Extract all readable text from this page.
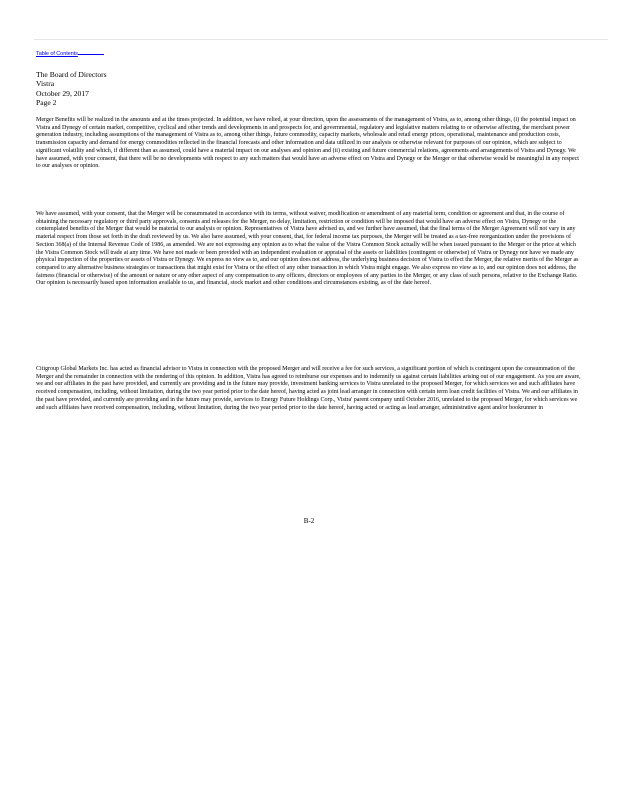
Table of Contents
The Board of Directors
Vistra
October 29, 2017
Page 2

Merger Benefits will be realized in the amounts and at the times projected. In addition, we have relied, at your direction, upon the assessments of the management of Vistra, as to, among other things, (i) the potential impact on Vistra and Dynegy of certain market, competitive, cyclical and other trends and developments in and prospects for, and governmental, regulatory and legislative matters relating to or otherwise affecting, the merchant power generation industry, including assumptions of the management of Vistra as to, among other things, future commodity, capacity markets, wholesale and retail energy prices, operational, maintenance and production costs, transmission capacity and demand for energy commodities reflected in the financial forecasts and other information and data utilized in our analysis or otherwise relevant for purposes of our opinion, which are subject to significant volatility and which, if different than as assumed, could have a material impact on our analyses and opinion and (ii) existing and future commercial relations, agreements and arrangements of Vistra and Dynegy. We have assumed, with your consent, that there will be no developments with respect to any such matters that would have an adverse effect on Vistra and Dynegy or the Merger or that otherwise would be meaningful in any respect to our analyses or opinion.

We have assumed, with your consent, that the Merger will be consummated in accordance with its terms, without waiver, modification or amendment of any material term, condition or agreement and that, in the course of obtaining the necessary regulatory or third party approvals, consents and releases for the Merger, no delay, limitation, restriction or condition will be imposed that would have an adverse effect on Vistra, Dynegy or the contemplated benefits of the Merger that would be material to our analysis or opinion. Representatives of Vistra have advised us, and we further have assumed, that the final terms of the Merger Agreement will not vary in any material respect from those set forth in the draft reviewed by us. We also have assumed, with your consent, that, for federal income tax purposes, the Merger will be treated as a tax-free reorganization under the provisions of Section 368(a) of the Internal Revenue Code of 1986, as amended. We are not expressing any opinion as to what the value of the Vistra Common Stock actually will be when issued pursuant to the Merger or the price at which the Vistra Common Stock will trade at any time. We have not made or been provided with an independent evaluation or appraisal of the assets or liabilities (contingent or otherwise) of Vistra or Dynegy nor have we made any physical inspection of the properties or assets of Vistra or Dynegy. We express no view as to, and our opinion does not address, the underlying business decision of Vistra to effect the Merger, the relative merits of the Merger as compared to any alternative business strategies or transactions that might exist for Vistra or the effect of any other transaction in which Vistra might engage. We also express no view as to, and our opinion does not address, the fairness (financial or otherwise) of the amount or nature or any other aspect of any compensation to any officers, directors or employees of any parties to the Merger, or any class of such persons, relative to the Exchange Ratio. Our opinion is necessarily based upon information available to us, and financial, stock market and other conditions and circumstances existing, as of the date hereof.

Citigroup Global Markets Inc. has acted as financial advisor to Vistra in connection with the proposed Merger and will receive a fee for such services, a significant portion of which is contingent upon the consummation of the Merger and the remainder in connection with the rendering of this opinion. In addition, Vistra has agreed to reimburse our expenses and to indemnify us against certain liabilities arising out of our engagement. As you are aware, we and our affiliates in the past have provided, and currently are providing and in the future may provide, investment banking services to Vistra unrelated to the proposed Merger, for which services we and such affiliates have received compensation, including, without limitation, during the two year period prior to the date hereof, having acted as joint lead arranger in connection with certain term loan credit facilities of Vistra. We and our affiliates in the past have provided, and currently are providing and in the future may provide, services to Energy Future Holdings Corp., Vistra' parent company until October 2016, unrelated to the proposed Merger, for which services we and such affiliates have received compensation, including, without limitation, during the two year period prior to the date hereof, having acted or acting as lead arranger, administrative agent and/or bookrunner in

B-2
